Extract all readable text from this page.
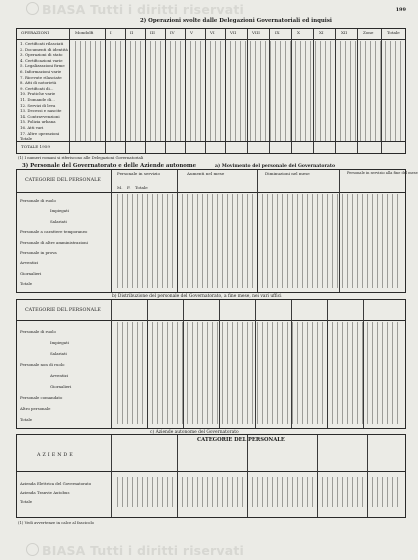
BIASA Tutti i diritti riservati	199
2) Operazioni svolte dalle Delegazioni Governatoriali ed inquisi
OPERAZIONI	Mondolfi	I	II	III	IV	V	VI	VII	VIII	IX	X	XI	XII	Zone	Totale
1. Certificati rilasciati
2. Documenti di identità
3. Operazioni di stato
4. Certificazioni varie
5. Legalizzazioni firme
6. Informazioni varie
7. Ricevute rilasciate
8. Atti di notorietà
9. Certificati di...
10. Pratiche varie
11. Domande di...
12. Servizi di leva
13. Decessi e nascite
14. Contravvenzioni
15. Polizia urbana
16. Atti vari
17. Altre operazioni
Totale
TOTALE 1959
(1) I numeri romani si riferiscono alle Delegazioni Governatoriali
3) Personale del Governatorato e delle Aziende autonome	a) Movimento del personale del Governatorato
CATEGORIE DEL PERSONALE
Personale in servizio	Aumenti nel mese	Diminuzioni nel mese	Personale in servizio alla fine del mese
M. F. Totale
Personale di ruolo
Impiegati
Salariati
Personale a carattere temporaneo
Personale di altre amministrazioni
Personale in prova
Avventizi
Giornalieri
Totale
b) Distribuzione del personale del Governatorato, a fine mese, nei vari uffici
CATEGORIE DEL PERSONALE
Personale di ruolo
Impiegati
Salariati
Personale non di ruolo
Avventizi
Giornalieri
Personale comandato
Altro personale
Totale
c) Aziende autonome del Governatorato
AZIENDE
CATEGORIE DEL PERSONALE
Azienda Elettrica del Governatorato
Azienda Tranvie Autobus
Totale
(1) Vedi avvertenze in calce al fascicolo
BIASA Tutti i diritti riservati
